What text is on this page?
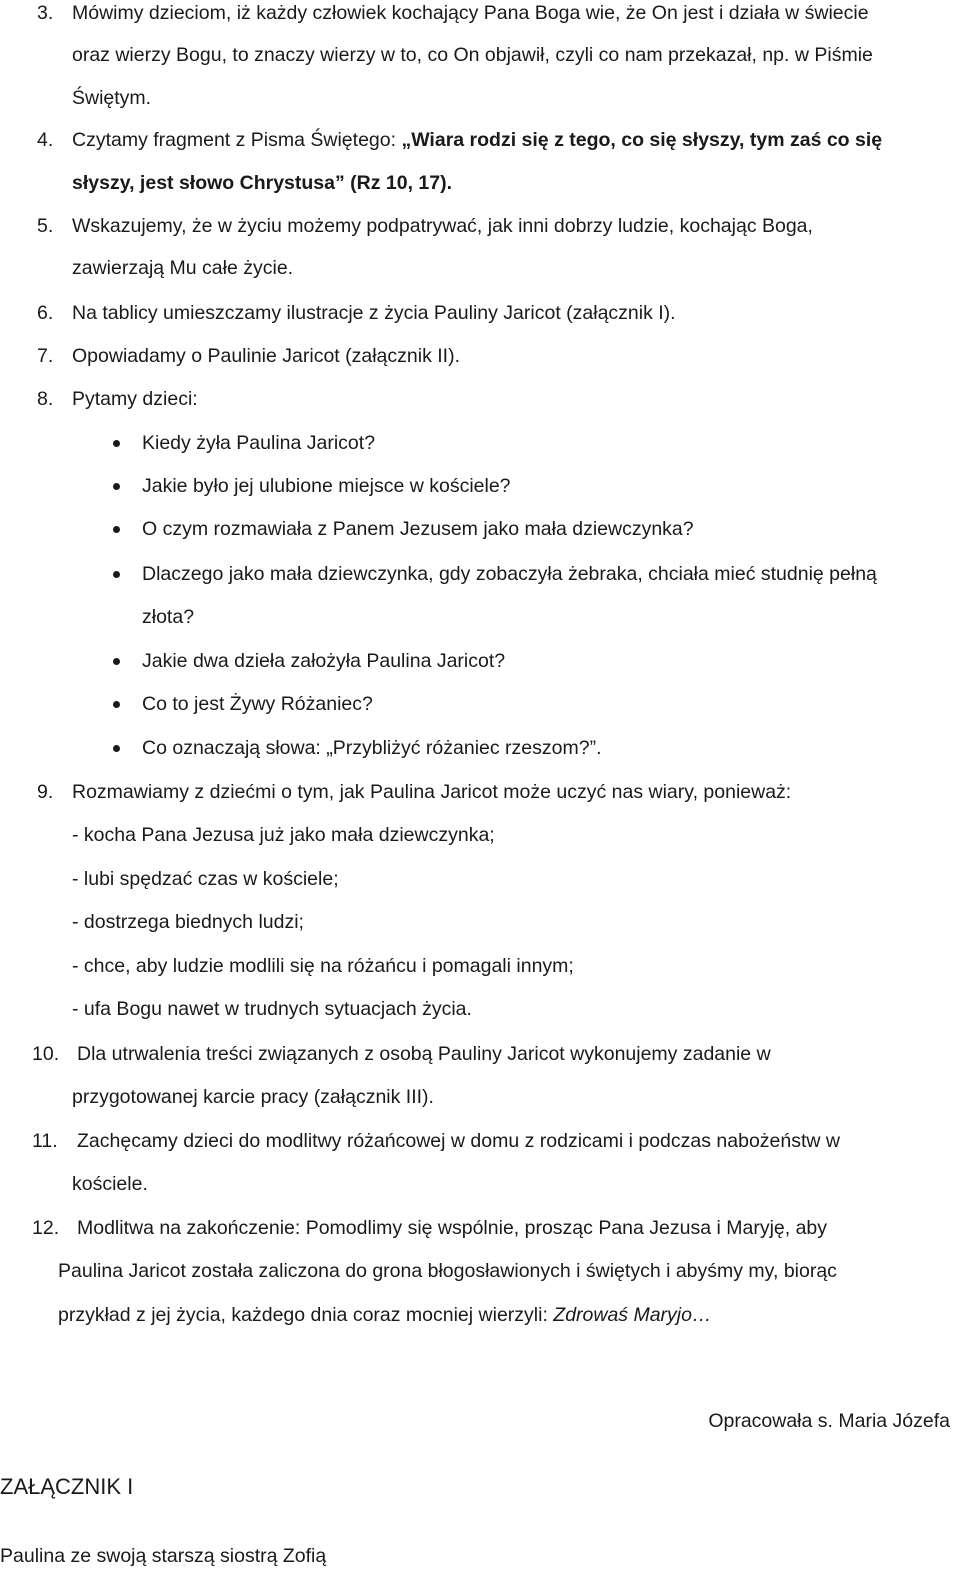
3. Mówimy dzieciom, iż każdy człowiek kochający Pana Boga wie, że On jest i działa w świecie
oraz wierzy Bogu, to znaczy wierzy w to, co On objawił, czyli co nam przekazał, np. w Piśmie
Świętym.
4. Czytamy fragment z Pisma Świętego: „Wiara rodzi się z tego, co się słyszy, tym zaś co się
słyszy, jest słowo Chrystusa” (Rz 10, 17).
5. Wskazujemy, że w życiu możemy podpatrywać, jak inni dobrzy ludzie, kochając Boga,
zawierzają Mu całe życie.
6. Na tablicy umieszczamy ilustracje z życia Pauliny Jaricot (załącznik I).
7. Opowiadamy o Paulinie Jaricot (załącznik II).
8. Pytamy dzieci:
Kiedy żyła Paulina Jaricot?
Jakie było jej ulubione miejsce w kościele?
O czym rozmawiała z Panem Jezusem jako mała dziewczynka?
Dlaczego jako mała dziewczynka, gdy zobaczyła żebraka, chciała mieć studnię pełną
złota?
Jakie dwa dzieła założyła Paulina Jaricot?
Co to jest Żywy Różaniec?
Co oznaczają słowa: „Przybliżyć różaniec rzeszom?”.
9. Rozmawiamy z dziećmi o tym, jak Paulina Jaricot może uczyć nas wiary, ponieważ:
- kocha Pana Jezusa już jako mała dziewczynka;
- lubi spędzać czas w kościele;
- dostrzega biednych ludzi;
- chce, aby ludzie modlili się na różańcu i pomagali innym;
- ufa Bogu nawet w trudnych sytuacjach życia.
10. Dla utrwalenia treści związanych z osobą Pauliny Jaricot wykonujemy zadanie w
przygotowanej karcie pracy (załącznik III).
11. Zachęcamy dzieci do modlitwy różańcowej w domu z rodzicami i podczas nabożeństw w
kościele.
12. Modlitwa na zakończenie: Pomodlimy się wspólnie, prosząc Pana Jezusa i Maryję, aby
Paulina Jaricot została zaliczona do grona błogosławionych i świętych i abyśmy my, biorąc
przykład z jej życia, każdego dnia coraz mocniej wierzyli: Zdrowaś Maryjo…
Opracowała s. Maria Józefa
ZAŁĄCZNIK I
Paulina ze swoją starszą siostrą Zofią
